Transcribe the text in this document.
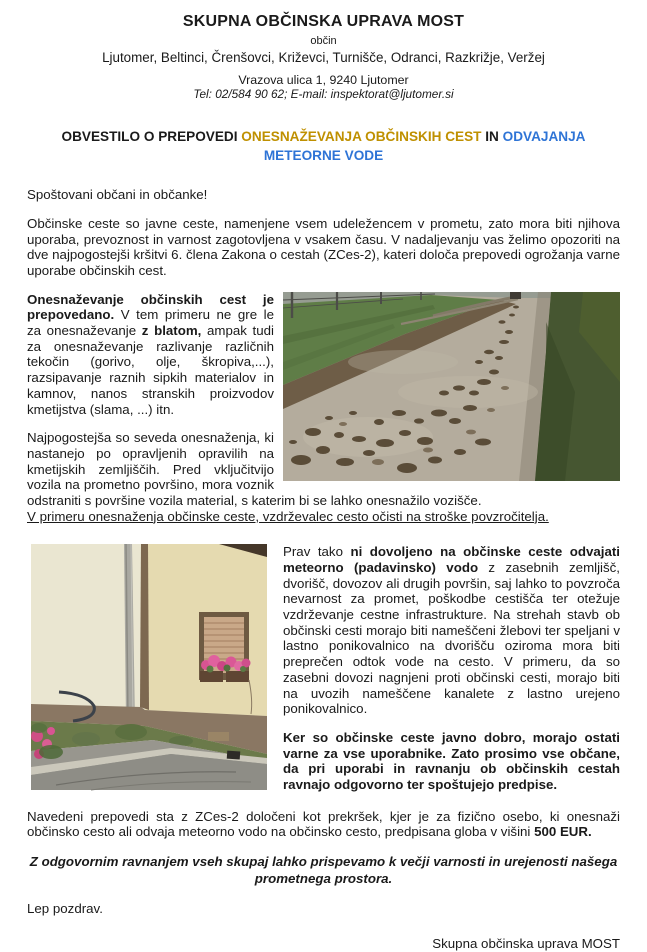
SKUPNA OBČINSKA UPRAVA MOST
občin
Ljutomer, Beltinci, Črenšovci, Križevci, Turnišče, Odranci, Razkrižje, Veržej
Vrazova ulica 1, 9240 Ljutomer
Tel: 02/584 90 62; E-mail: inspektorat@ljutomer.si
OBVESTILO O PREPOVEDI ONESNAŽEVANJA OBČINSKIH CEST IN ODVAJANJA METEORNE VODE

Spoštovani občani in občanke!

Občinske ceste so javne ceste, namenjene vsem udeležencem v prometu, zato mora biti njihova uporaba, prevoznost in varnost zagotovljena v vsakem času. V nadaljevanju vas želimo opozoriti na dve najpogostejši kršitvi 6. člena Zakona o cestah (ZCes-2), kateri določa prepovedi ogrožanja varne uporabe občinskih cest.

Onesnaževanje občinskih cest je prepovedano. V tem primeru ne gre le za onesnaževanje z blatom, ampak tudi za onesnaževanje razlivanje različnih tekočin (gorivo, olje, škropiva,...), razsipavanje raznih sipkih materialov in kamnov, nanos stranskih proizvodov kmetijstva (slama, ...) itn.

Najpogostejša so seveda onesnaženja, ki nastanejo po opravljenih opravilih na kmetijskih zemljiščih. Pred vključitvijo vozila na prometno površino, mora voznik odstraniti s površine vozila material, s katerim bi se lahko onesnažilo vozišče.

V primeru onesnaženja občinske ceste, vzdrževalec cesto očisti na stroške povzročitelja.

Prav tako ni dovoljeno na občinske ceste odvajati meteorno (padavinsko) vodo z zasebnih zemljišč, dvorišč, dovozov ali drugih površin, saj lahko to povzroča nevarnost za promet, poškodbe cestišča ter otežuje vzdrževanje cestne infrastrukture. Na strehah stavb ob občinski cesti morajo biti nameščeni žlebovi ter speljani v lastno ponikovalnico na dvorišču oziroma mora biti preprečen odtok vode na cesto. V primeru, da so zasebni dovozi nagnjeni proti občinski cesti, morajo biti na uvozih nameščene kanalete z lastno urejeno ponikovalnico.

Ker so občinske ceste javno dobro, morajo ostati varne za vse uporabnike. Zato prosimo vse občane, da pri uporabi in ravnanju ob občinskih cestah ravnajo odgovorno ter spoštujejo predpise.

Navedeni prepovedi sta z ZCes-2 določeni kot prekršek, kjer je za fizično osebo, ki onesnaži občinsko cesto ali odvaja meteorno vodo na občinsko cesto, predpisana globa v višini 500 EUR.

Z odgovornim ravnanjem vseh skupaj lahko prispevamo k večji varnosti in urejenosti našega prometnega prostora.

Lep pozdrav.

Skupna občinska uprava MOST
